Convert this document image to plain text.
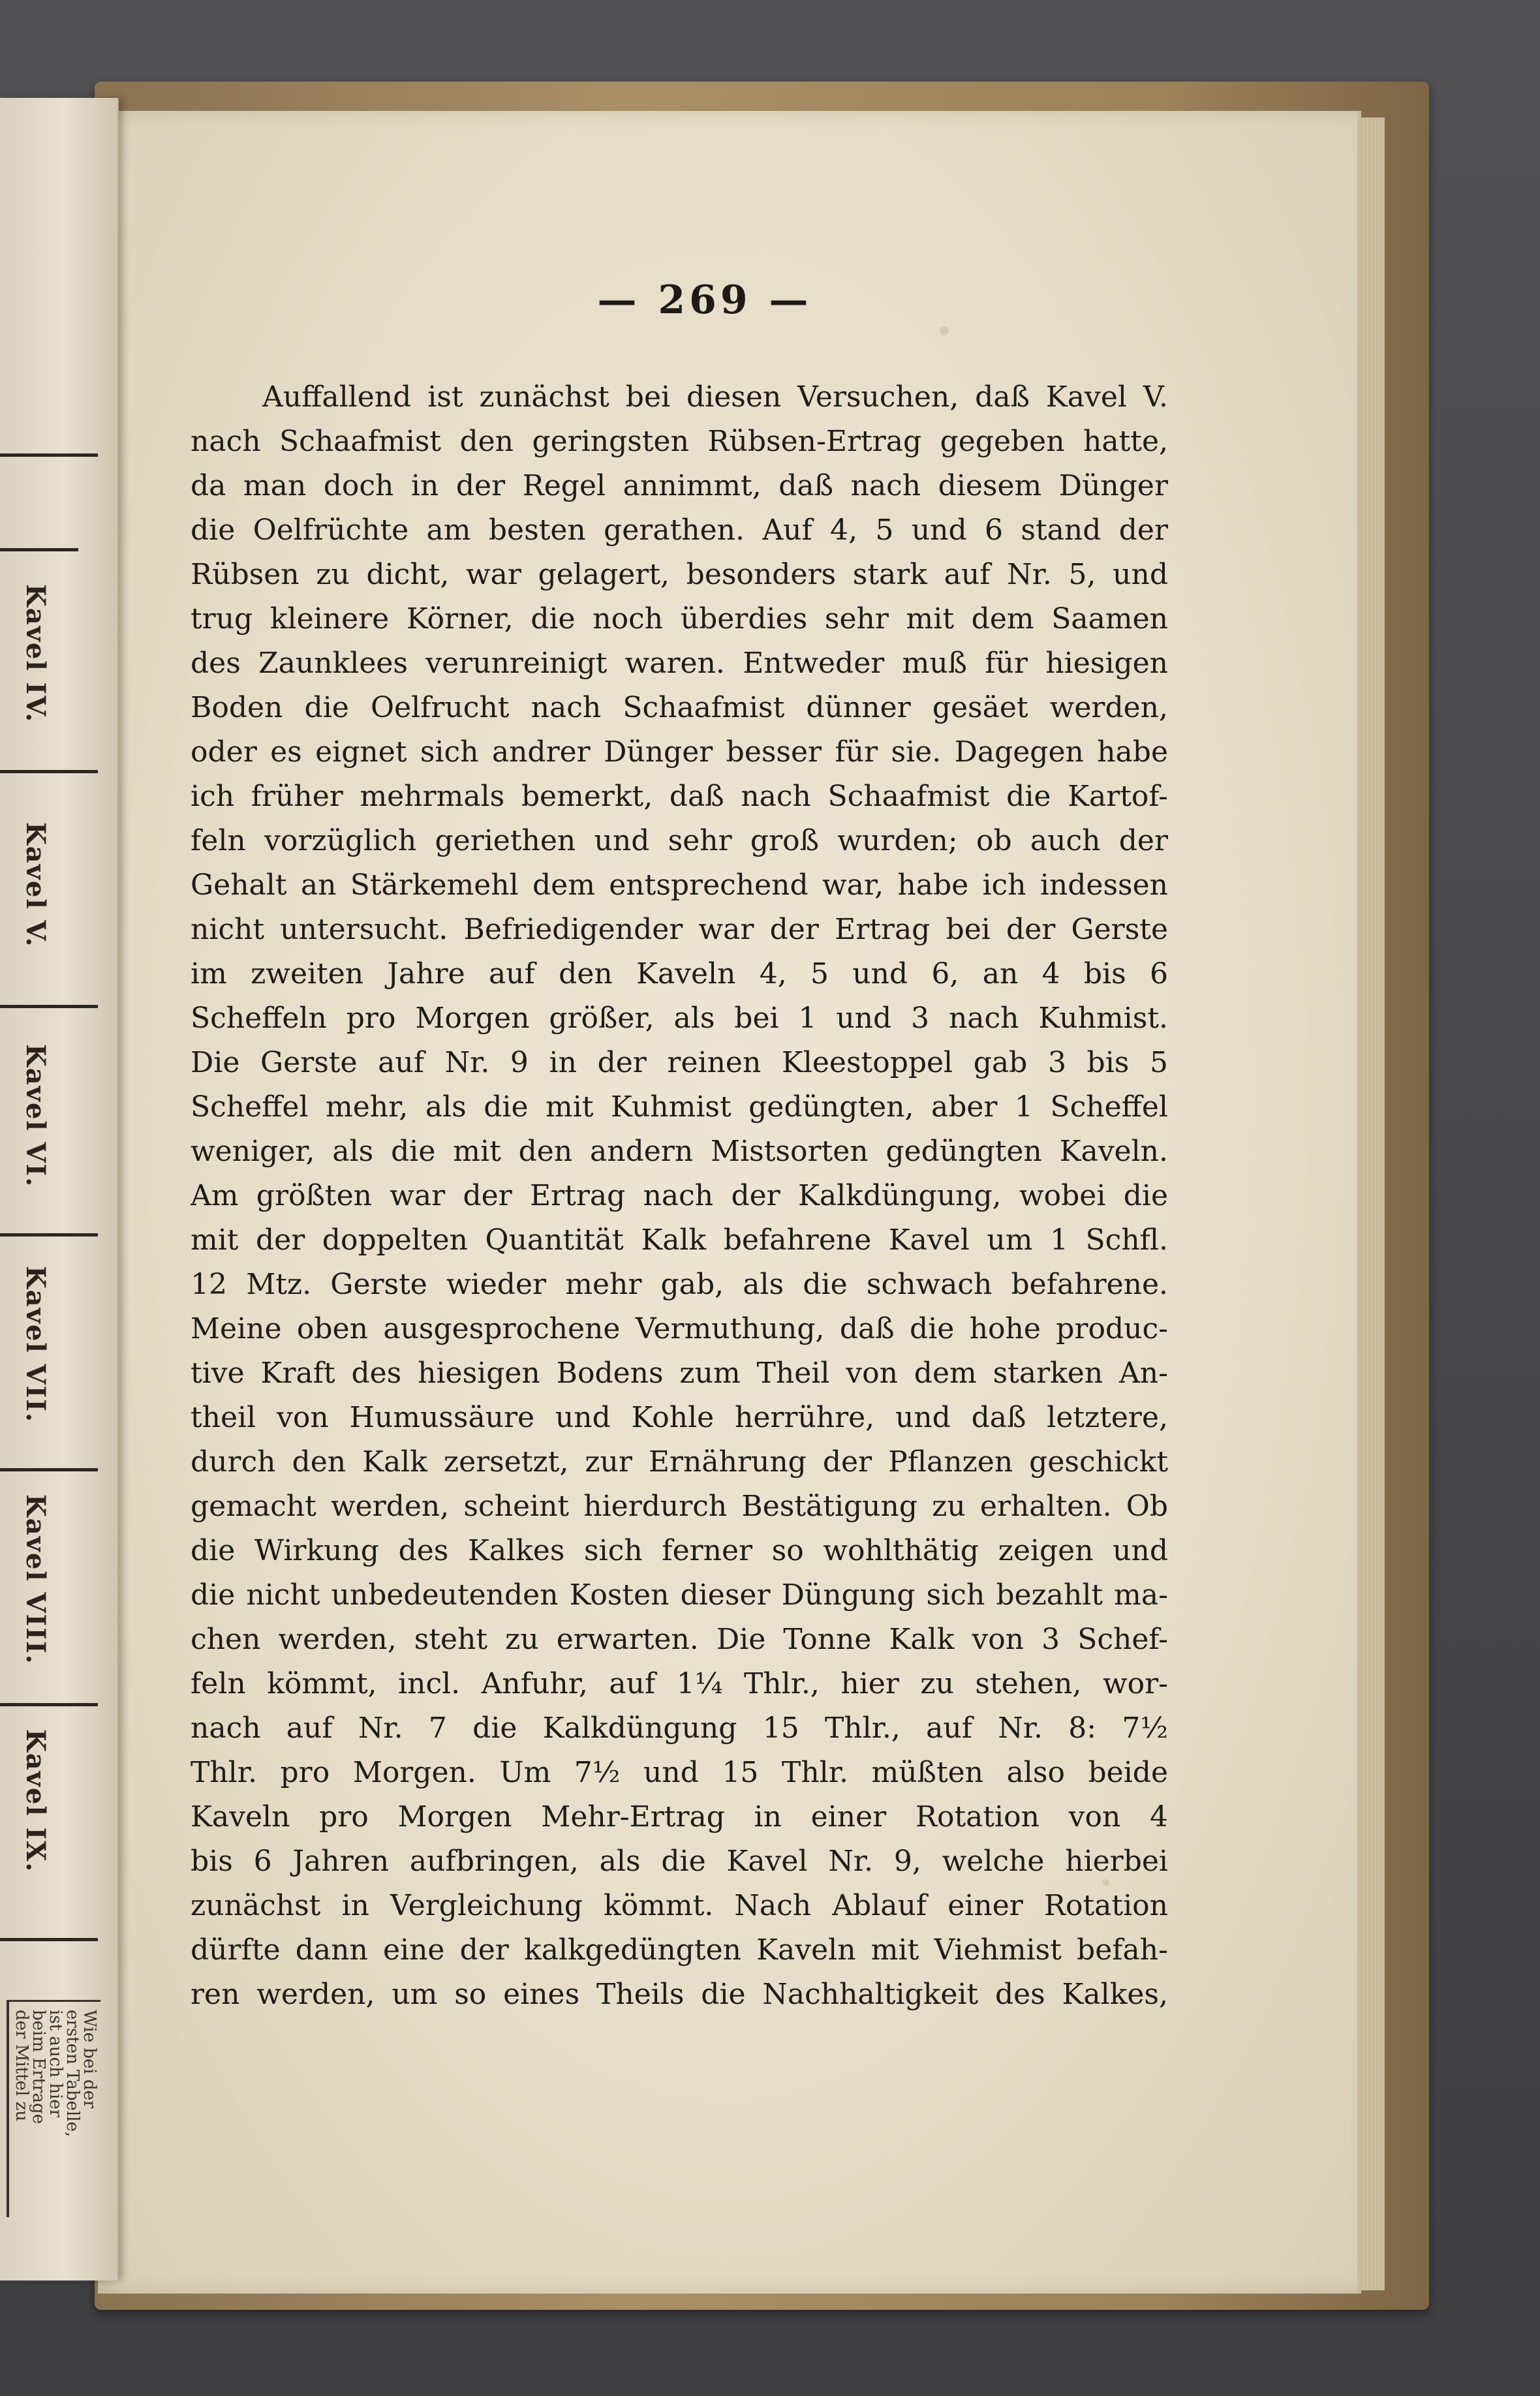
Kavel IV.
Kavel V.
Kavel VI.
Kavel VII.
Kavel VIII.
Kavel IX.
Wie bei der
ersten Tabelle,
ist auch hier
beim Ertrage
der Mittel zu
— 269 —
Auffallend ist zunächst bei diesen Versuchen, daß Kavel V.
nach Schaafmist den geringsten Rübsen-Ertrag gegeben hatte,
da man doch in der Regel annimmt, daß nach diesem Dünger
die Oelfrüchte am besten gerathen. Auf 4, 5 und 6 stand der
Rübsen zu dicht, war gelagert, besonders stark auf Nr. 5, und
trug kleinere Körner, die noch überdies sehr mit dem Saamen
des Zaunklees verunreinigt waren. Entweder muß für hiesigen
Boden die Oelfrucht nach Schaafmist dünner gesäet werden,
oder es eignet sich andrer Dünger besser für sie. Dagegen habe
ich früher mehrmals bemerkt, daß nach Schaafmist die Kartof-
feln vorzüglich geriethen und sehr groß wurden; ob auch der
Gehalt an Stärkemehl dem entsprechend war, habe ich indessen
nicht untersucht. Befriedigender war der Ertrag bei der Gerste
im zweiten Jahre auf den Kaveln 4, 5 und 6, an 4 bis 6
Scheffeln pro Morgen größer, als bei 1 und 3 nach Kuhmist.
Die Gerste auf Nr. 9 in der reinen Kleestoppel gab 3 bis 5
Scheffel mehr, als die mit Kuhmist gedüngten, aber 1 Scheffel
weniger, als die mit den andern Mistsorten gedüngten Kaveln.
Am größten war der Ertrag nach der Kalkdüngung, wobei die
mit der doppelten Quantität Kalk befahrene Kavel um 1 Schfl.
12 Mtz. Gerste wieder mehr gab, als die schwach befahrene.
Meine oben ausgesprochene Vermuthung, daß die hohe produc-
tive Kraft des hiesigen Bodens zum Theil von dem starken An-
theil von Humussäure und Kohle herrühre, und daß letztere,
durch den Kalk zersetzt, zur Ernährung der Pflanzen geschickt
gemacht werden, scheint hierdurch Bestätigung zu erhalten. Ob
die Wirkung des Kalkes sich ferner so wohlthätig zeigen und
die nicht unbedeutenden Kosten dieser Düngung sich bezahlt ma-
chen werden, steht zu erwarten. Die Tonne Kalk von 3 Schef-
feln kömmt, incl. Anfuhr, auf 1¼ Thlr., hier zu stehen, wor-
nach auf Nr. 7 die Kalkdüngung 15 Thlr., auf Nr. 8: 7½
Thlr. pro Morgen. Um 7½ und 15 Thlr. müßten also beide
Kaveln pro Morgen Mehr-Ertrag in einer Rotation von 4
bis 6 Jahren aufbringen, als die Kavel Nr. 9, welche hierbei
zunächst in Vergleichung kömmt. Nach Ablauf einer Rotation
dürfte dann eine der kalkgedüngten Kaveln mit Viehmist befah-
ren werden, um so eines Theils die Nachhaltigkeit des Kalkes,
